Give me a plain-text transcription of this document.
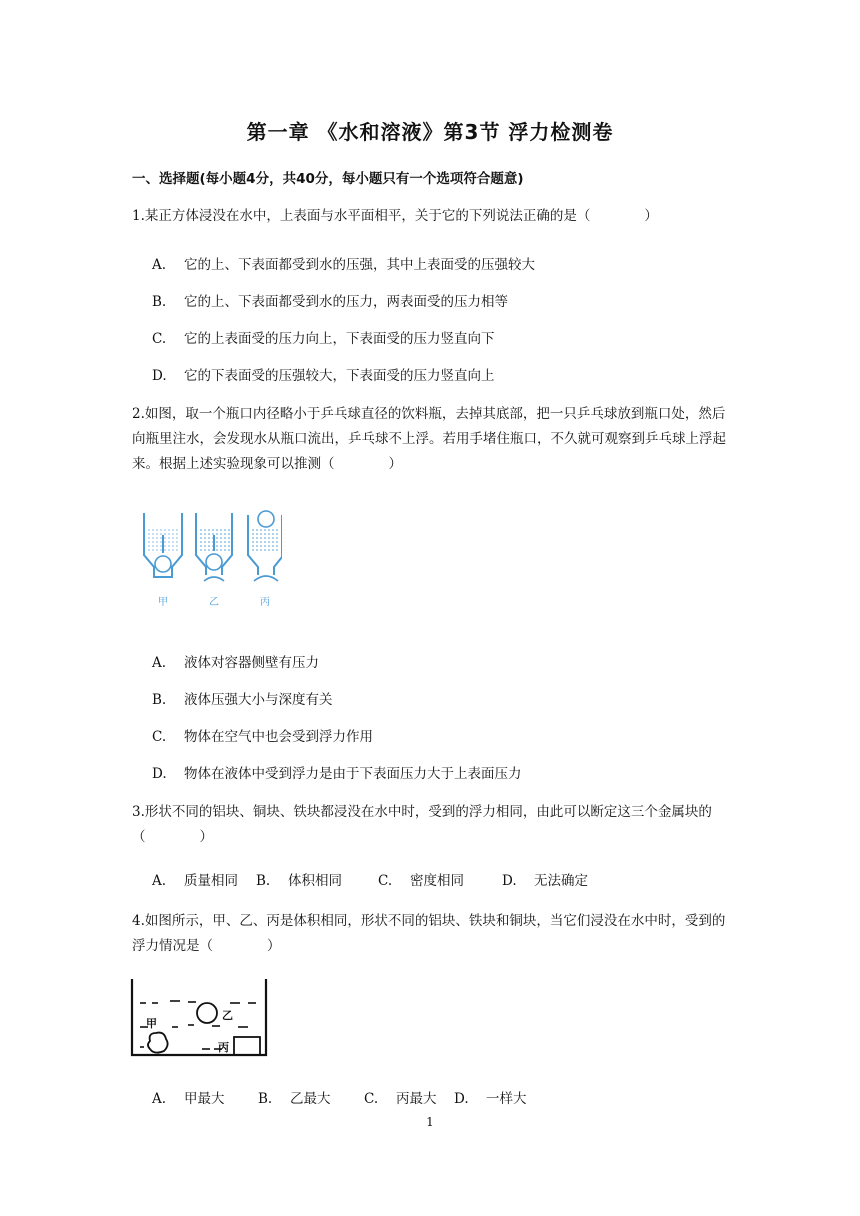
第一章 《水和溶液》第3节 浮力检测卷
一、选择题(每小题4分，共40分，每小题只有一个选项符合题意)
1.某正方体浸没在水中，上表面与水平面相平，关于它的下列说法正确的是（　　　　）
A. 它的上、下表面都受到水的压强，其中上表面受的压强较大
B. 它的上、下表面都受到水的压力，两表面受的压力相等
C. 它的上表面受的压力向上，下表面受的压力竖直向下
D. 它的下表面受的压强较大，下表面受的压力竖直向上
2.如图，取一个瓶口内径略小于乒乓球直径的饮料瓶，去掉其底部，把一只乒乓球放到瓶口处，然后向瓶里注水，会发现水从瓶口流出，乒乓球不上浮。若用手堵住瓶口，不久就可观察到乒乓球上浮起来。根据上述实验现象可以推测（　　　　）
甲	乙	丙
A. 液体对容器侧壁有压力
B. 液体压强大小与深度有关
C. 物体在空气中也会受到浮力作用
D. 物体在液体中受到浮力是由于下表面压力大于上表面压力
3.形状不同的铝块、铜块、铁块都浸没在水中时，受到的浮力相同，由此可以断定这三个金属块的（　　　　）
A. 质量相同 B. 体积相同	C. 密度相同	D. 无法确定
4.如图所示，甲、乙、丙是体积相同，形状不同的铝块、铁块和铜块，当它们浸没在水中时，受到的浮力情况是（　　　　）
甲
乙
丙
A. 甲最大 B. 乙最大 C. 丙最大 D. 一样大
1
